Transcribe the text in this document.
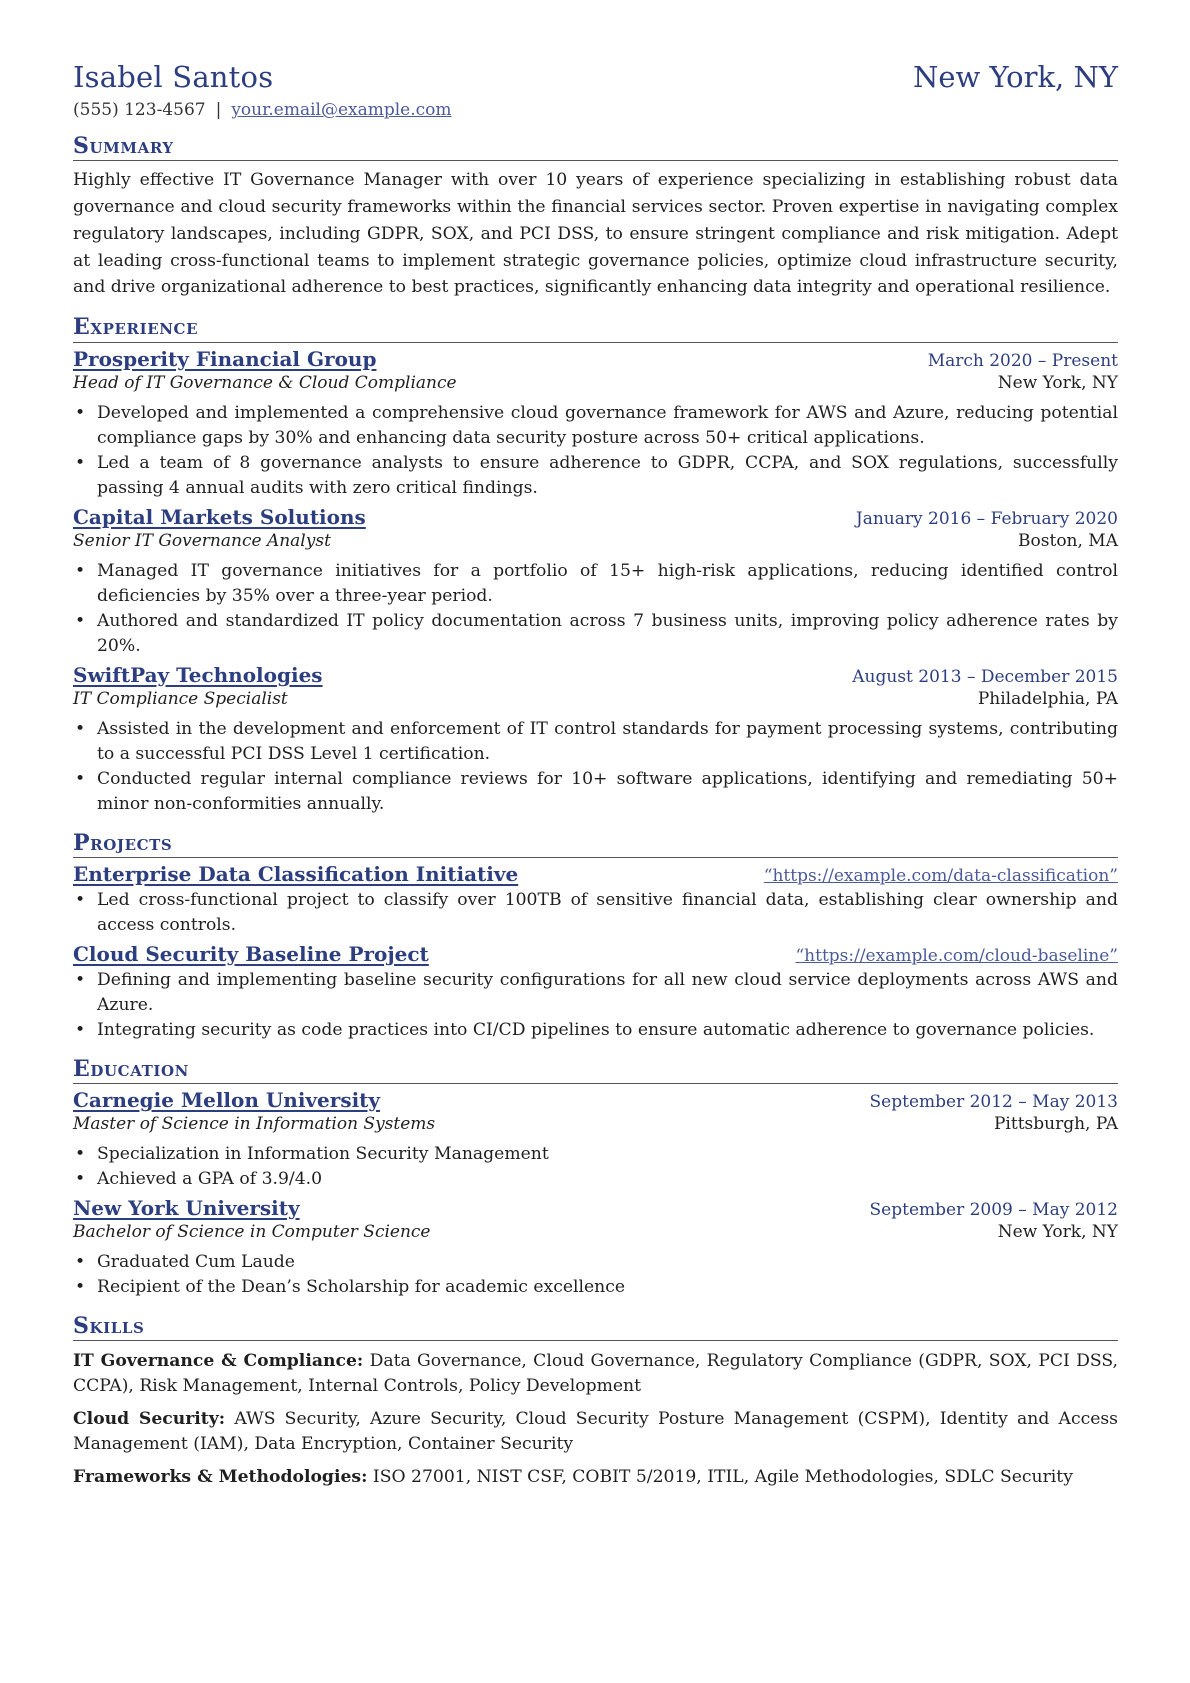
Isabel Santos	New York, NY
(555) 123-4567 | your.email@example.com
Summary
Highly effective IT Governance Manager with over 10 years of experience specializing in establishing robust data governance and cloud security frameworks within the financial services sector. Proven expertise in navigating complex regulatory landscapes, including GDPR, SOX, and PCI DSS, to ensure stringent compliance and risk mitigation. Adept at leading cross-functional teams to implement strategic governance policies, optimize cloud infrastructure security, and drive organizational adherence to best practices, significantly enhancing data integrity and operational resilience.
Experience
Prosperity Financial Group	March 2020 – Present
Head of IT Governance & Cloud Compliance	New York, NY
• Developed and implemented a comprehensive cloud governance framework for AWS and Azure, reducing potential compliance gaps by 30% and enhancing data security posture across 50+ critical applications.
• Led a team of 8 governance analysts to ensure adherence to GDPR, CCPA, and SOX regulations, successfully passing 4 annual audits with zero critical findings.
Capital Markets Solutions	January 2016 – February 2020
Senior IT Governance Analyst	Boston, MA
• Managed IT governance initiatives for a portfolio of 15+ high-risk applications, reducing identified control deficiencies by 35% over a three-year period.
• Authored and standardized IT policy documentation across 7 business units, improving policy adherence rates by 20%.
SwiftPay Technologies	August 2013 – December 2015
IT Compliance Specialist	Philadelphia, PA
• Assisted in the development and enforcement of IT control standards for payment processing systems, contributing to a successful PCI DSS Level 1 certification.
• Conducted regular internal compliance reviews for 10+ software applications, identifying and remediating 50+ minor non-conformities annually.
Projects
Enterprise Data Classification Initiative	“https://example.com/data-classification”
• Led cross-functional project to classify over 100TB of sensitive financial data, establishing clear ownership and access controls.
Cloud Security Baseline Project	“https://example.com/cloud-baseline”
• Defining and implementing baseline security configurations for all new cloud service deployments across AWS and Azure.
• Integrating security as code practices into CI/CD pipelines to ensure automatic adherence to governance policies.
Education
Carnegie Mellon University	September 2012 – May 2013
Master of Science in Information Systems	Pittsburgh, PA
• Specialization in Information Security Management
• Achieved a GPA of 3.9/4.0
New York University	September 2009 – May 2012
Bachelor of Science in Computer Science	New York, NY
• Graduated Cum Laude
• Recipient of the Dean’s Scholarship for academic excellence
Skills
IT Governance & Compliance: Data Governance, Cloud Governance, Regulatory Compliance (GDPR, SOX, PCI DSS, CCPA), Risk Management, Internal Controls, Policy Development
Cloud Security: AWS Security, Azure Security, Cloud Security Posture Management (CSPM), Identity and Access Management (IAM), Data Encryption, Container Security
Frameworks & Methodologies: ISO 27001, NIST CSF, COBIT 5/2019, ITIL, Agile Methodologies, SDLC Security
